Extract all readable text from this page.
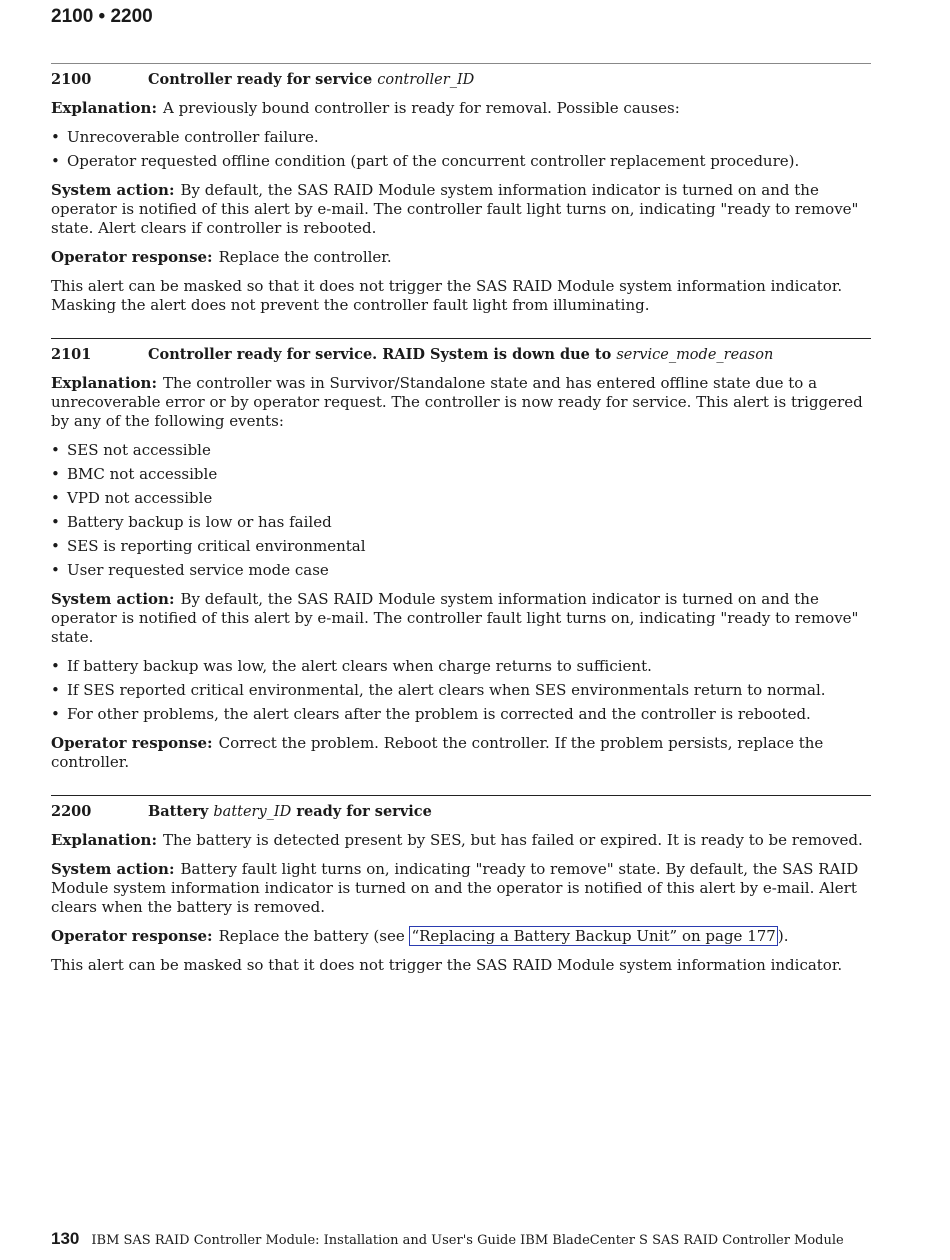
2100 • 2200
2100	Controller ready for service controller_ID

Explanation: A previously bound controller is ready for removal. Possible causes:

• Unrecoverable controller failure.
• Operator requested offline condition (part of the concurrent controller replacement procedure).

System action: By default, the SAS RAID Module system information indicator is turned on and the operator is notified of this alert by e-mail. The controller fault light turns on, indicating "ready to remove" state. Alert clears if controller is rebooted.

Operator response: Replace the controller.

This alert can be masked so that it does not trigger the SAS RAID Module system information indicator. Masking the alert does not prevent the controller fault light from illuminating.

2101	Controller ready for service. RAID System is down due to service_mode_reason

Explanation: The controller was in Survivor/Standalone state and has entered offline state due to a unrecoverable error or by operator request. The controller is now ready for service. This alert is triggered by any of the following events:

• SES not accessible
• BMC not accessible
• VPD not accessible
• Battery backup is low or has failed
• SES is reporting critical environmental
• User requested service mode case

System action: By default, the SAS RAID Module system information indicator is turned on and the operator is notified of this alert by e-mail. The controller fault light turns on, indicating "ready to remove" state.

• If battery backup was low, the alert clears when charge returns to sufficient.
• If SES reported critical environmental, the alert clears when SES environmentals return to normal.
• For other problems, the alert clears after the problem is corrected and the controller is rebooted.

Operator response: Correct the problem. Reboot the controller. If the problem persists, replace the controller.

2200	Battery battery_ID ready for service

Explanation: The battery is detected present by SES, but has failed or expired. It is ready to be removed.

System action: Battery fault light turns on, indicating "ready to remove" state. By default, the SAS RAID Module system information indicator is turned on and the operator is notified of this alert by e-mail. Alert clears when the battery is removed.

Operator response: Replace the battery (see “Replacing a Battery Backup Unit” on page 177 ).

This alert can be masked so that it does not trigger the SAS RAID Module system information indicator.

130 IBM SAS RAID Controller Module: Installation and User's Guide IBM BladeCenter S SAS RAID Controller Module
